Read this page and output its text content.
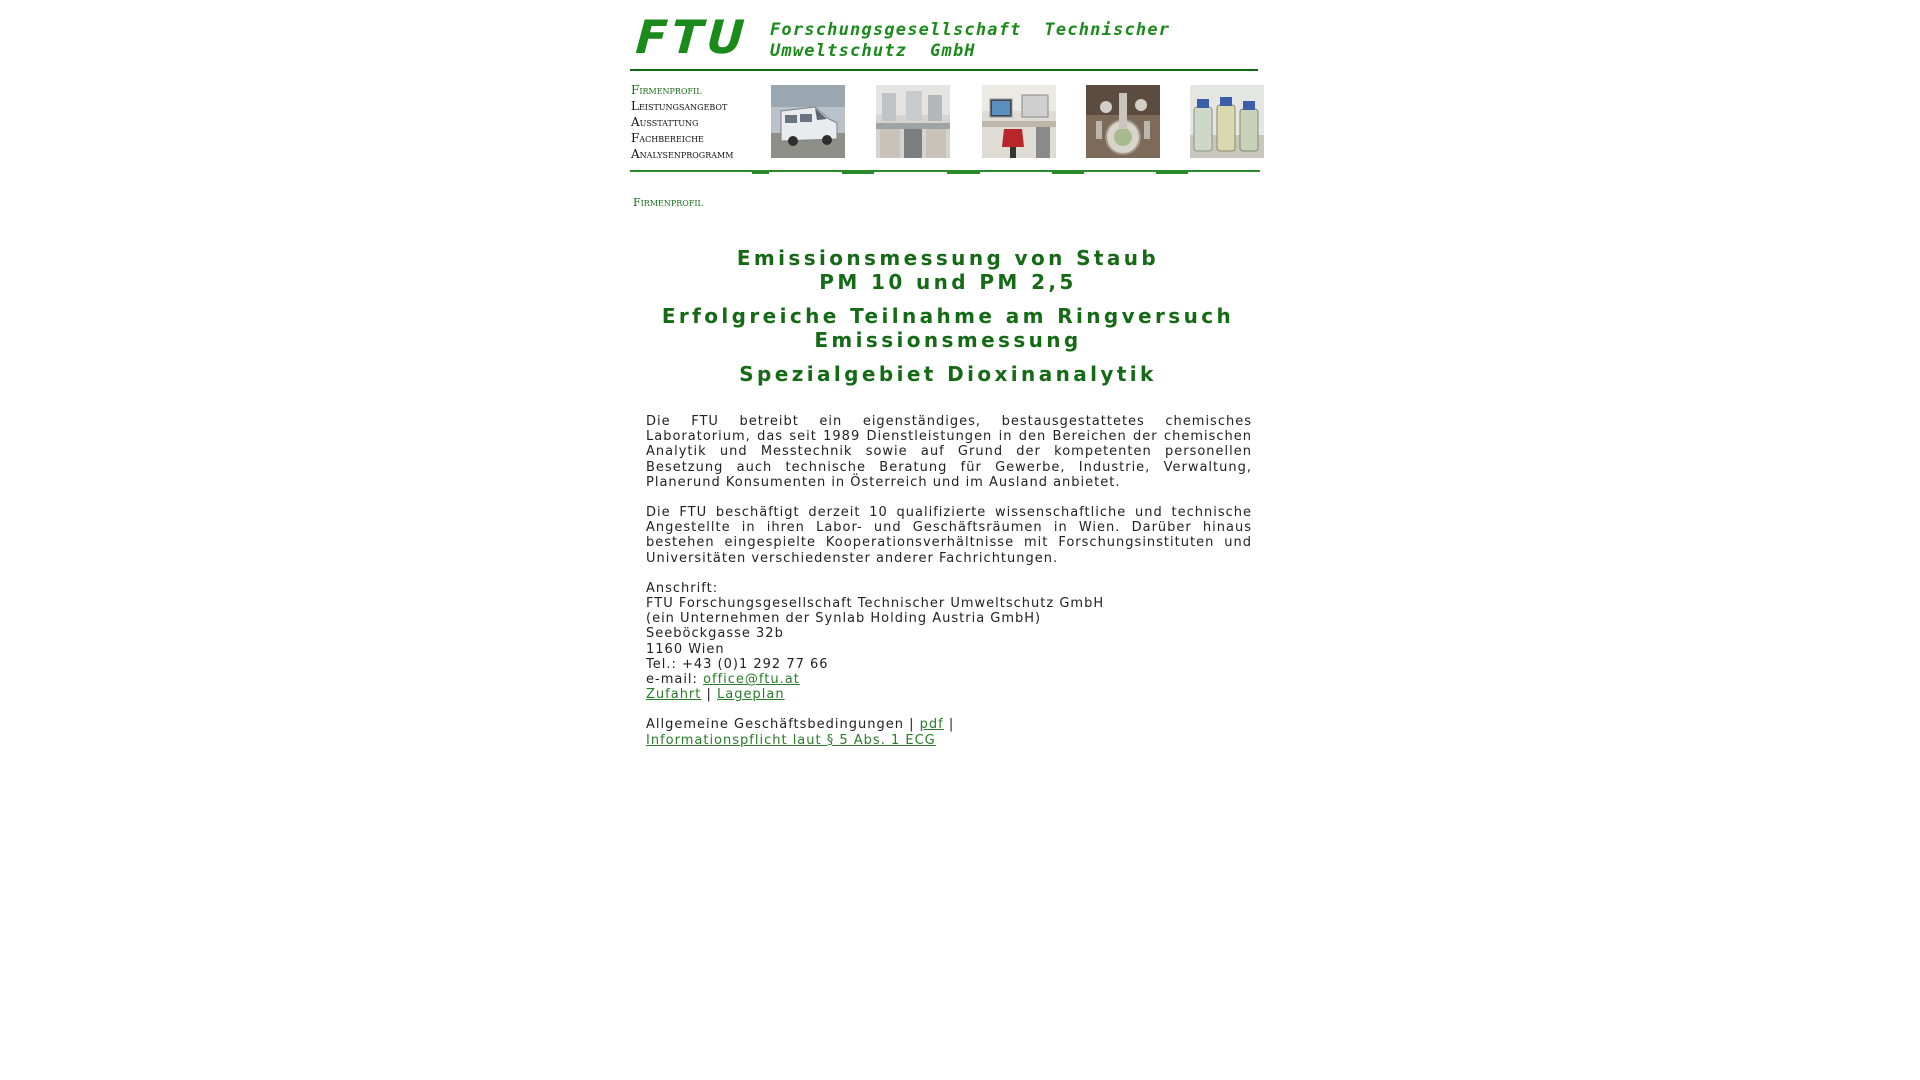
FTU Forschungsgesellschaft  Technischer
Umweltschutz  GmbH
Firmenprofil
Leistungsangebot
Ausstattung
Fachbereiche
Analysenprogramm
Firmenprofil
Emissionsmessung von Staub
PM 10 und PM 2,5
Erfolgreiche Teilnahme am Ringversuch
Emissionsmessung
Spezialgebiet Dioxinanalytik

Die FTU betreibt ein eigenständiges, bestausgestattetes chemisches Laboratorium, das seit 1989 Dienstleistungen in den Bereichen der chemischen Analytik und Messtechnik sowie auf Grund der kompetenten personellen Besetzung auch technische Beratung für Gewerbe, Industrie, Verwaltung, Planerund Konsumenten in Österreich und im Ausland anbietet.

Die FTU beschäftigt derzeit 10 qualifizierte wissenschaftliche und technische Angestellte in ihren Labor- und Geschäftsräumen in Wien. Darüber hinaus bestehen eingespielte Kooperationsverhältnisse mit Forschungsinstituten und Universitäten verschiedenster anderer Fachrichtungen.

Anschrift:
FTU Forschungsgesellschaft Technischer Umweltschutz GmbH
(ein Unternehmen der Synlab Holding Austria GmbH)
Seeböckgasse 32b
1160 Wien
Tel.: +43 (0)1 292 77 66
e-mail: office@ftu.at
Zufahrt | Lageplan
Allgemeine Geschäftsbedingungen | pdf |
Informationspflicht laut § 5 Abs. 1 ECG
